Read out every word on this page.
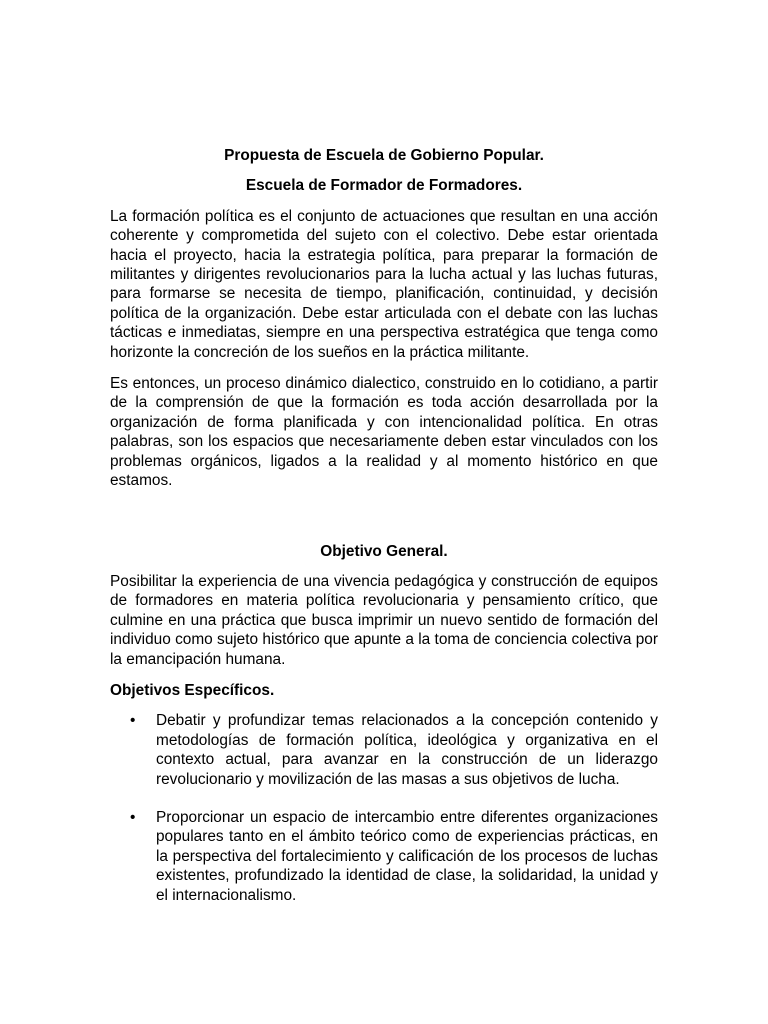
Propuesta de Escuela de Gobierno Popular.

Escuela de Formador de Formadores.

La formación política es el conjunto de actuaciones que resultan en una acción coherente y comprometida del sujeto con el colectivo. Debe estar orientada hacia el proyecto, hacia la estrategia política, para preparar la formación de militantes y dirigentes revolucionarios para la lucha actual y las luchas futuras, para formarse se necesita de tiempo, planificación, continuidad, y decisión política de la organización. Debe estar articulada con el debate con las luchas tácticas e inmediatas, siempre en una perspectiva estratégica que tenga como horizonte la concreción de los sueños en la práctica militante.

Es entonces, un proceso dinámico dialectico, construido en lo cotidiano, a partir de la comprensión de que la formación es toda acción desarrollada por la organización de forma planificada y con intencionalidad política. En otras palabras, son los espacios que necesariamente deben estar vinculados con los problemas orgánicos, ligados a la realidad y al momento histórico en que estamos.

Objetivo General.

Posibilitar la experiencia de una vivencia pedagógica y construcción de equipos de formadores en materia política revolucionaria y pensamiento crítico, que culmine en una práctica que busca imprimir un nuevo sentido de formación del individuo como sujeto histórico que apunte a la toma de conciencia colectiva por la emancipación humana.

Objetivos Específicos.

• Debatir y profundizar temas relacionados a la concepción contenido y metodologías de formación política, ideológica y organizativa en el contexto actual, para avanzar en la construcción de un liderazgo revolucionario y movilización de las masas a sus objetivos de lucha.
• Proporcionar un espacio de intercambio entre diferentes organizaciones populares tanto en el ámbito teórico como de experiencias prácticas, en la perspectiva del fortalecimiento y calificación de los procesos de luchas existentes, profundizado la identidad de clase, la solidaridad, la unidad y el internacionalismo.
